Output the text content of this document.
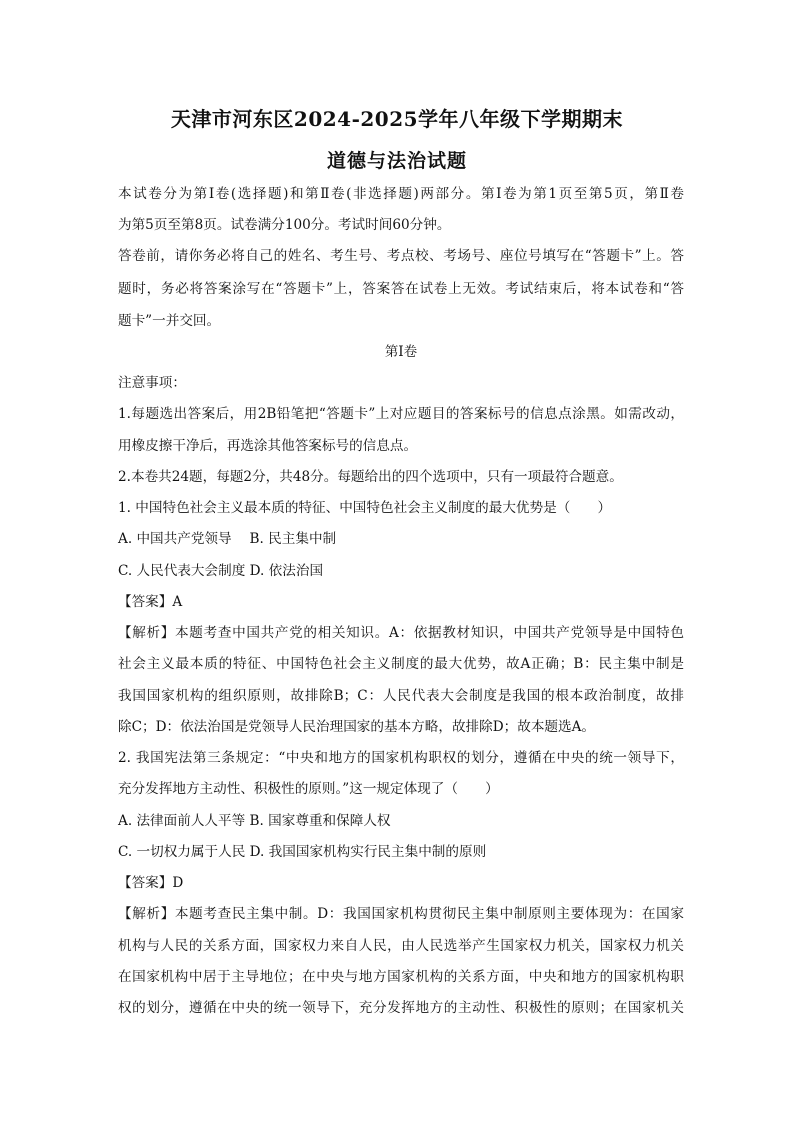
天津市河东区2024-2025学年八年级下学期期末
道德与法治试题
本试卷分为第Ⅰ卷(选择题)和第Ⅱ卷(非选择题)两部分。第Ⅰ卷为第1页至第5页，第Ⅱ卷
为第5页至第8页。试卷满分100分。考试时间60分钟。
答卷前，请你务必将自己的姓名、考生号、考点校、考场号、座位号填写在“答题卡”上。答
题时，务必将答案涂写在“答题卡”上，答案答在试卷上无效。考试结束后，将本试卷和“答
题卡”一并交回。
第Ⅰ卷
注意事项：
1.每题选出答案后，用2B铅笔把“答题卡”上对应题目的答案标号的信息点涂黑。如需改动，
用橡皮擦干净后，再选涂其他答案标号的信息点。
2.本卷共24题，每题2分，共48分。每题给出的四个选项中，只有一项最符合题意。
1. 中国特色社会主义最本质的特征、中国特色社会主义制度的最大优势是（　　）
A. 中国共产党领导　 B. 民主集中制
C. 人民代表大会制度 D. 依法治国
【答案】A
【解析】本题考查中国共产党的相关知识。A：依据教材知识，中国共产党领导是中国特色
社会主义最本质的特征、中国特色社会主义制度的最大优势，故A正确；B：民主集中制是
我国国家机构的组织原则，故排除B；C：人民代表大会制度是我国的根本政治制度，故排
除C；D：依法治国是党领导人民治理国家的基本方略，故排除D；故本题选A。
2. 我国宪法第三条规定：“中央和地方的国家机构职权的划分，遵循在中央的统一领导下，
充分发挥地方主动性、积极性的原则。”这一规定体现了（　　）
A. 法律面前人人平等 B. 国家尊重和保障人权
C. 一切权力属于人民 D. 我国国家机构实行民主集中制的原则
【答案】D
【解析】本题考查民主集中制。D：我国国家机构贯彻民主集中制原则主要体现为：在国家
机构与人民的关系方面，国家权力来自人民，由人民选举产生国家权力机关，国家权力机关
在国家机构中居于主导地位；在中央与地方国家机构的关系方面，中央和地方的国家机构职
权的划分，遵循在中央的统一领导下，充分发挥地方的主动性、积极性的原则；在国家机关
